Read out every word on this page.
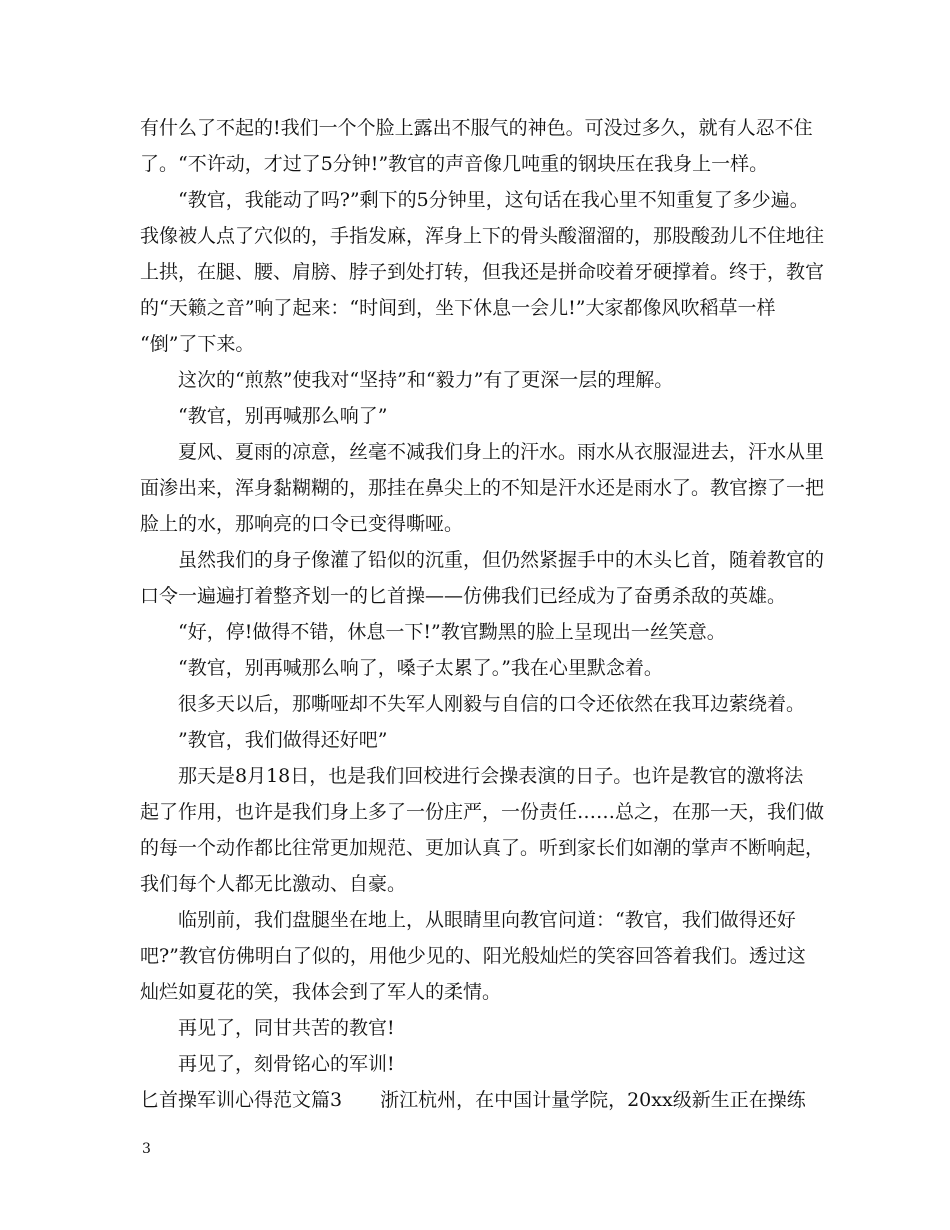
有什么了不起的!我们一个个脸上露出不服气的神色。可没过多久，就有人忍不住
了。“不许动，才过了5分钟!”教官的声音像几吨重的钢块压在我身上一样。
“教官，我能动了吗?”剩下的5分钟里，这句话在我心里不知重复了多少遍。
我像被人点了穴似的，手指发麻，浑身上下的骨头酸溜溜的，那股酸劲儿不住地往
上拱，在腿、腰、肩膀、脖子到处打转，但我还是拼命咬着牙硬撑着。终于，教官
的“天籁之音”响了起来：“时间到，坐下休息一会儿!”大家都像风吹稻草一样
“倒”了下来。
这次的“煎熬”使我对“坚持”和“毅力”有了更深一层的理解。
“教官，别再喊那么响了”
夏风、夏雨的凉意，丝毫不减我们身上的汗水。雨水从衣服湿进去，汗水从里
面渗出来，浑身黏糊糊的，那挂在鼻尖上的不知是汗水还是雨水了。教官擦了一把
脸上的水，那响亮的口令已变得嘶哑。
虽然我们的身子像灌了铅似的沉重，但仍然紧握手中的木头匕首，随着教官的
口令一遍遍打着整齐划一的匕首操——仿佛我们已经成为了奋勇杀敌的英雄。
“好，停!做得不错，休息一下!”教官黝黑的脸上呈现出一丝笑意。
“教官，别再喊那么响了，嗓子太累了。”我在心里默念着。
很多天以后，那嘶哑却不失军人刚毅与自信的口令还依然在我耳边萦绕着。
”教官，我们做得还好吧”
那天是8月18日，也是我们回校进行会操表演的日子。也许是教官的激将法
起了作用，也许是我们身上多了一份庄严，一份责任……总之，在那一天，我们做
的每一个动作都比往常更加规范、更加认真了。听到家长们如潮的掌声不断响起，
我们每个人都无比激动、自豪。
临别前，我们盘腿坐在地上，从眼睛里向教官问道：“教官，我们做得还好
吧?”教官仿佛明白了似的，用他少见的、阳光般灿烂的笑容回答着我们。透过这
灿烂如夏花的笑，我体会到了军人的柔情。
再见了，同甘共苦的教官!
再见了，刻骨铭心的军训!
匕首操军训心得范文篇3　　浙江杭州，在中国计量学院，20xx级新生正在操练
3
